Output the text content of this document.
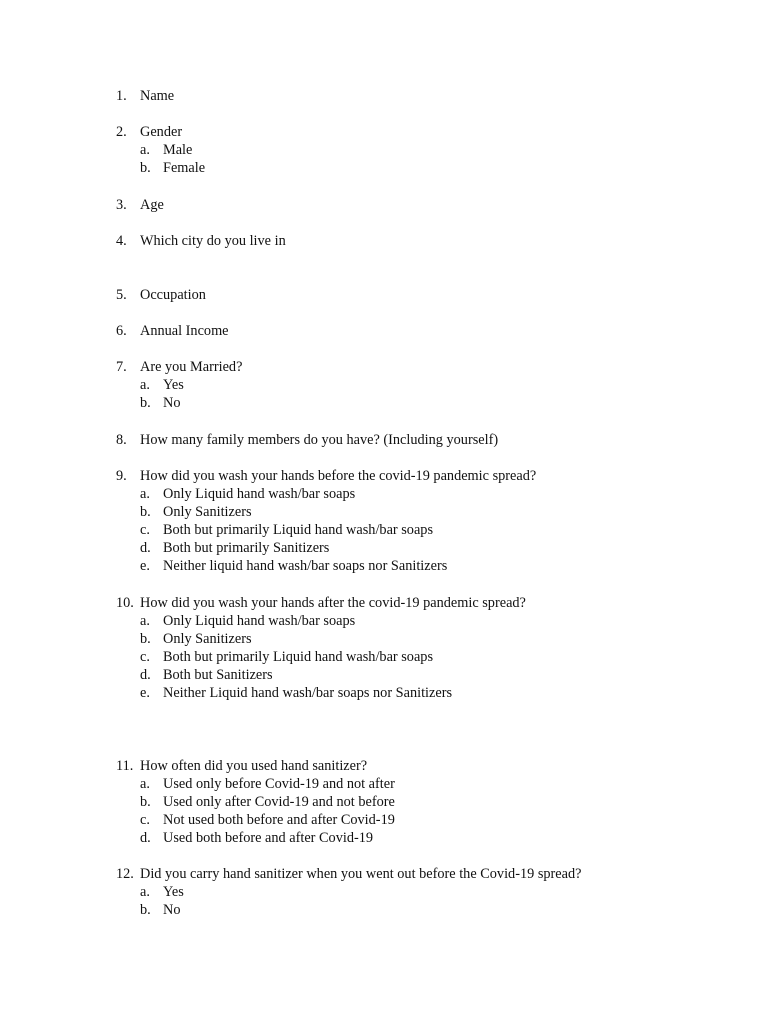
1. Name
2. Gender
a. Male
b. Female
3. Age
4. Which city do you live in
5. Occupation
6. Annual Income
7. Are you Married?
a. Yes
b. No
8. How many family members do you have? (Including yourself)
9. How did you wash your hands before the covid-19 pandemic spread?
a. Only Liquid hand wash/bar soaps
b. Only Sanitizers
c. Both but primarily Liquid hand wash/bar soaps
d. Both but primarily Sanitizers
e. Neither liquid hand wash/bar soaps nor Sanitizers
10. How did you wash your hands after the covid-19 pandemic spread?
a. Only Liquid hand wash/bar soaps
b. Only Sanitizers
c. Both but primarily Liquid hand wash/bar soaps
d. Both but Sanitizers
e. Neither Liquid hand wash/bar soaps nor Sanitizers
11. How often did you used hand sanitizer?
a. Used only before Covid-19 and not after
b. Used only after Covid-19 and not before
c. Not used both before and after Covid-19
d. Used both before and after Covid-19
12. Did you carry hand sanitizer when you went out before the Covid-19 spread?
a. Yes
b. No
